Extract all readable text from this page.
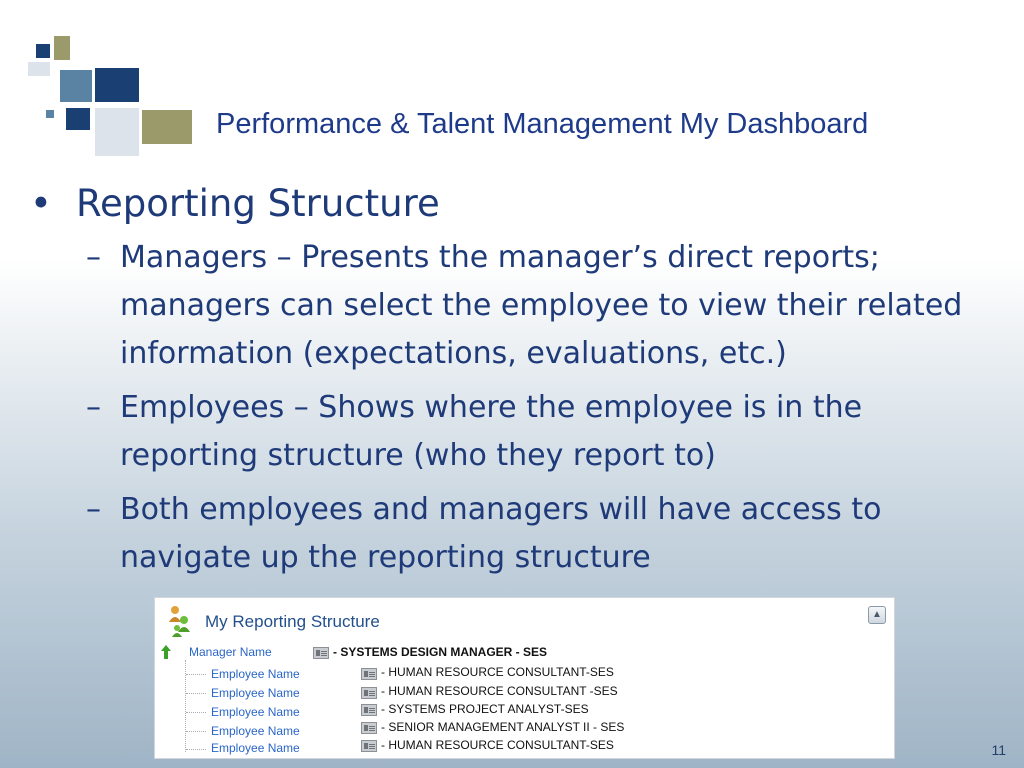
Performance & Talent Management My Dashboard
• Reporting Structure
– Managers – Presents the manager’s direct reports; managers can select the employee to view their related information (expectations, evaluations, etc.)
– Employees – Shows where the employee is in the reporting structure (who they report to)
– Both employees and managers will have access to navigate up the reporting structure
My Reporting Structure	▲
Manager Name	- SYSTEMS DESIGN MANAGER - SES
Employee Name	- HUMAN RESOURCE CONSULTANT-SES
Employee Name	- HUMAN RESOURCE CONSULTANT -SES
Employee Name	- SYSTEMS PROJECT ANALYST-SES
Employee Name	- SENIOR MANAGEMENT ANALYST II - SES
Employee Name	- HUMAN RESOURCE CONSULTANT-SES	11
